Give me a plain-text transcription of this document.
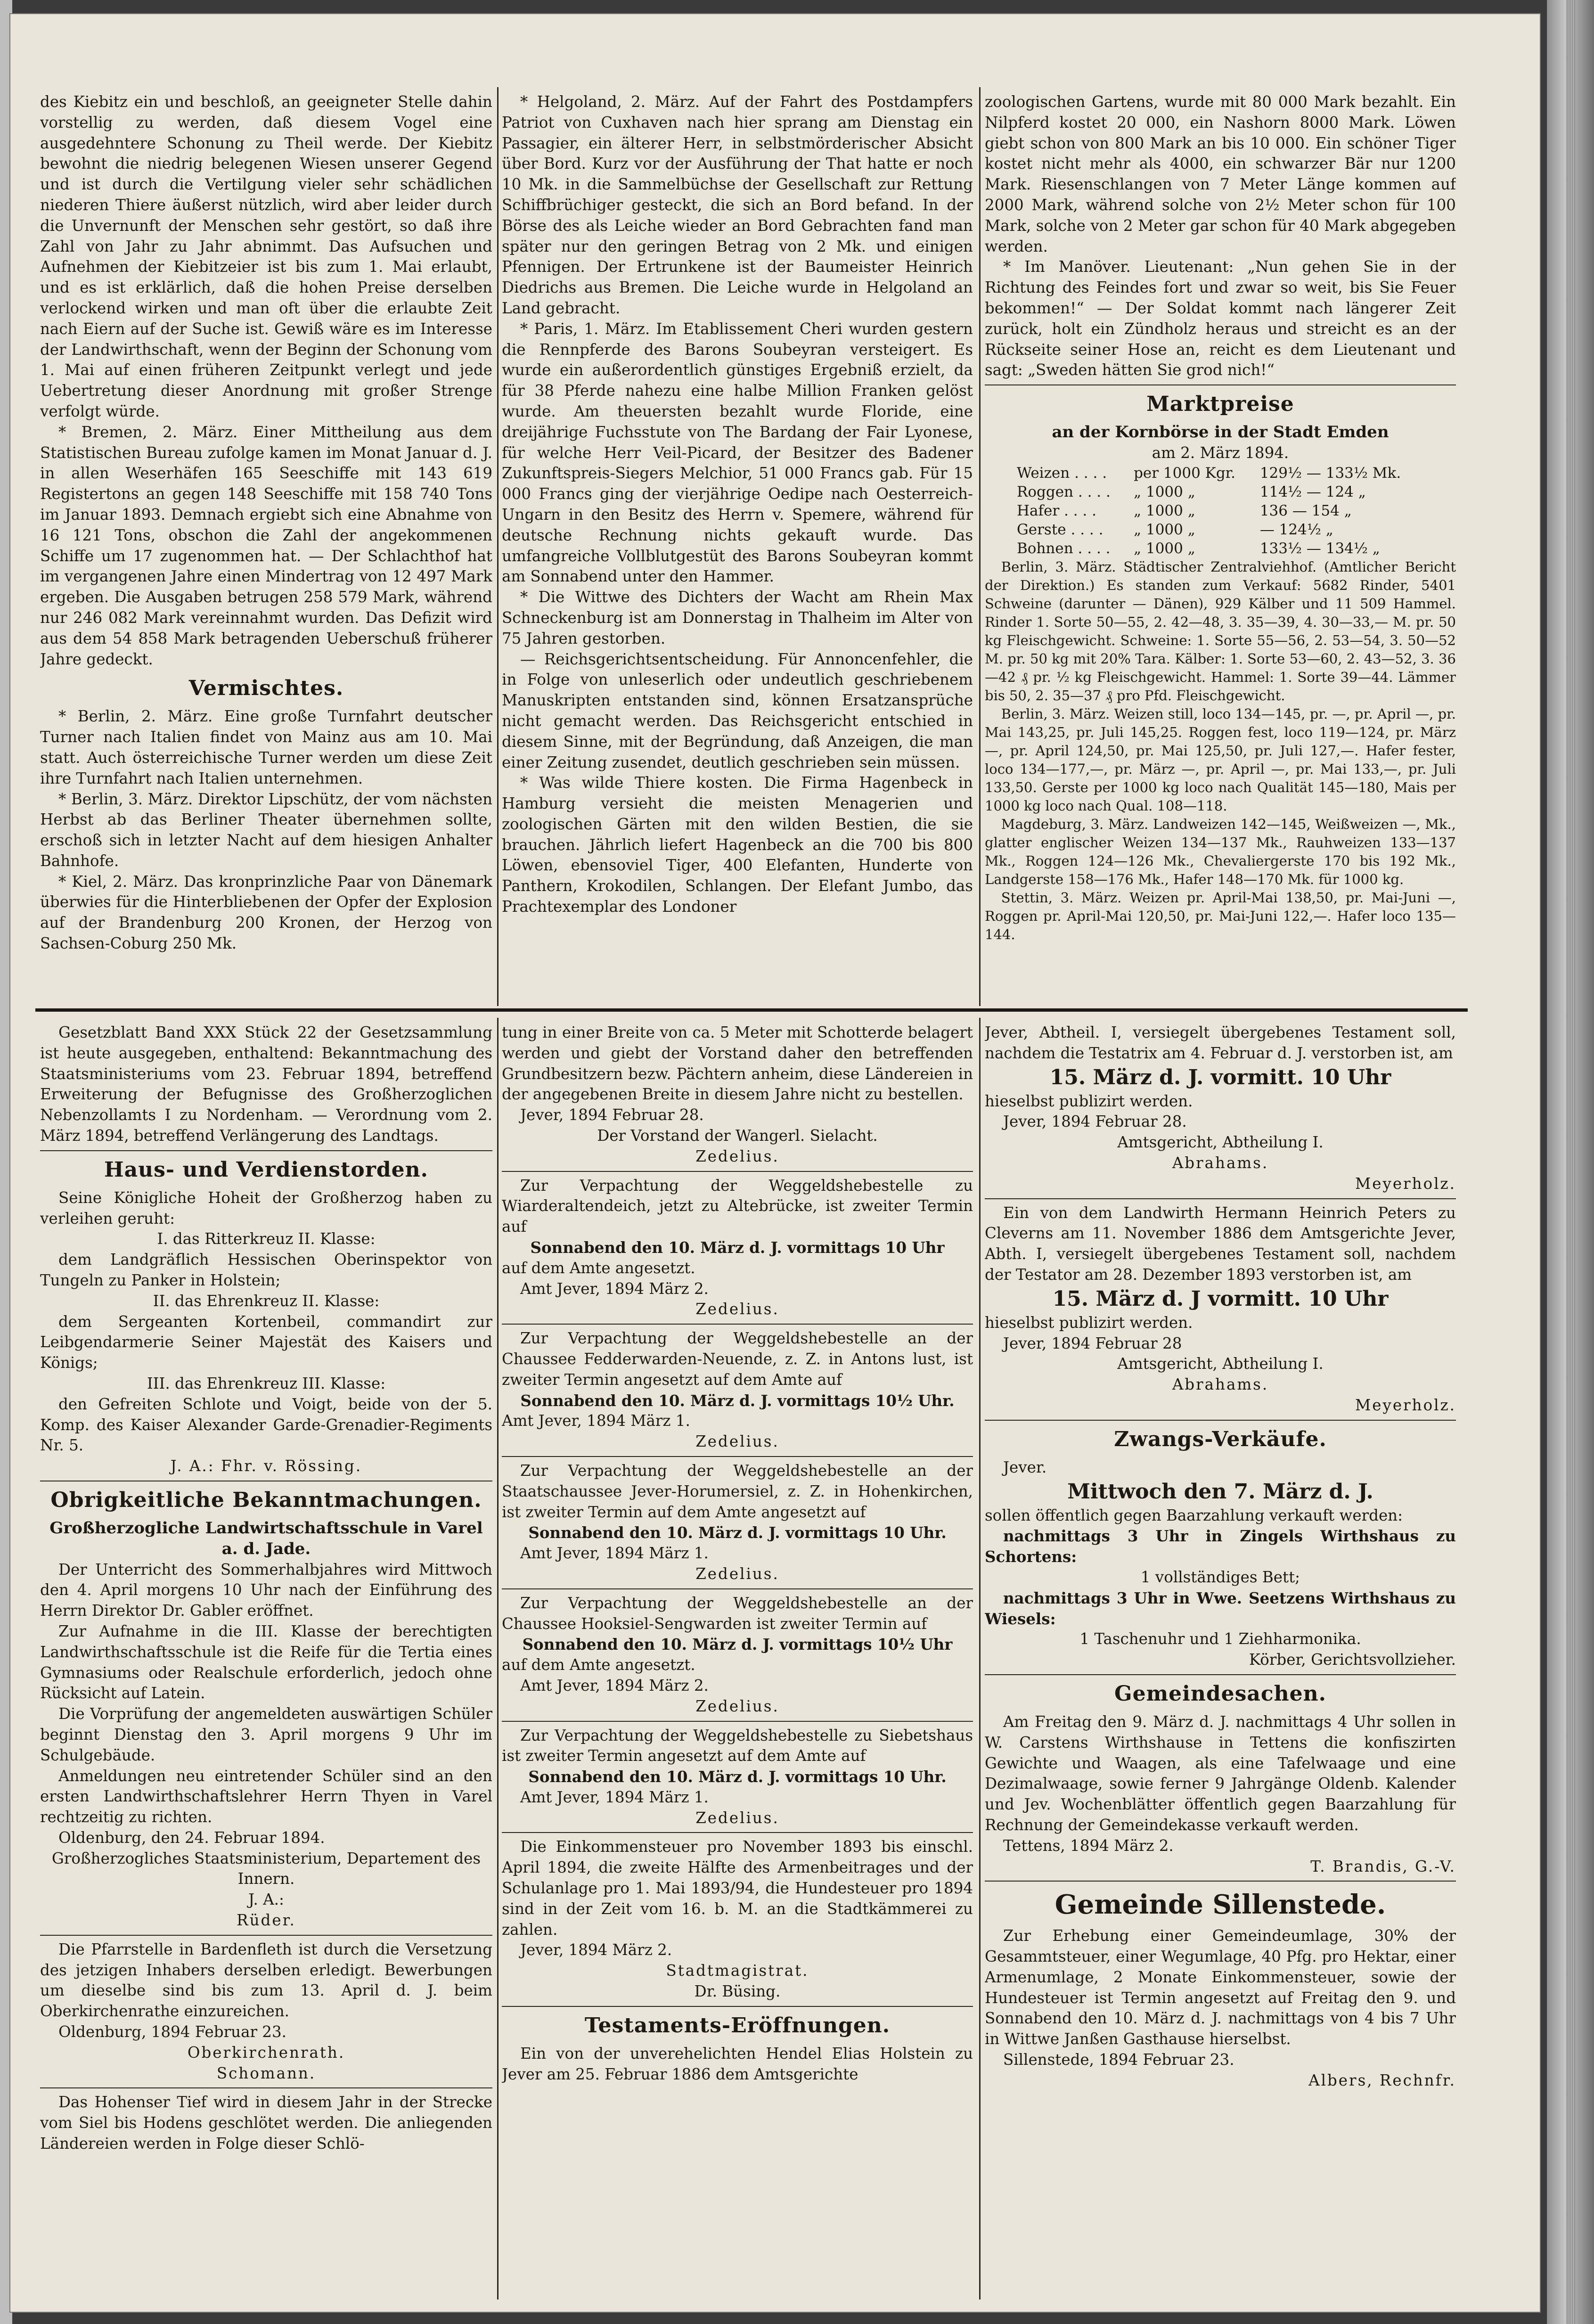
des Kiebitz ein und beschloß, an geeigneter Stelle dahin vorstellig zu werden, daß diesem Vogel eine ausgedehntere Schonung zu Theil werde. Der Kiebitz bewohnt die niedrig belegenen Wiesen unserer Gegend und ist durch die Vertilgung vieler sehr schädlichen niederen Thiere äußerst nützlich, wird aber leider durch die Unvernunft der Menschen sehr gestört, so daß ihre Zahl von Jahr zu Jahr abnimmt. Das Aufsuchen und Aufnehmen der Kiebitzeier ist bis zum 1. Mai erlaubt, und es ist erklärlich, daß die hohen Preise derselben verlockend wirken und man oft über die erlaubte Zeit nach Eiern auf der Suche ist. Gewiß wäre es im Interesse der Landwirthschaft, wenn der Beginn der Schonung vom 1. Mai auf einen früheren Zeitpunkt verlegt und jede Uebertretung dieser Anordnung mit großer Strenge verfolgt würde.

* Bremen, 2. März. Einer Mittheilung aus dem Statistischen Bureau zufolge kamen im Monat Januar d. J. in allen Weserhäfen 165 Seeschiffe mit 143 619 Registertons an gegen 148 Seeschiffe mit 158 740 Tons im Januar 1893. Demnach ergiebt sich eine Abnahme von 16 121 Tons, obschon die Zahl der angekommenen Schiffe um 17 zugenommen hat. — Der Schlachthof hat im vergangenen Jahre einen Mindertrag von 12 497 Mark ergeben. Die Ausgaben betrugen 258 579 Mark, während nur 246 082 Mark vereinnahmt wurden. Das Defizit wird aus dem 54 858 Mark betragenden Ueberschuß früherer Jahre gedeckt.

Vermischtes.

* Berlin, 2. März. Eine große Turnfahrt deutscher Turner nach Italien findet von Mainz aus am 10. Mai statt. Auch österreichische Turner werden um diese Zeit ihre Turnfahrt nach Italien unternehmen.

* Berlin, 3. März. Direktor Lipschütz, der vom nächsten Herbst ab das Berliner Theater übernehmen sollte, erschoß sich in letzter Nacht auf dem hiesigen Anhalter Bahnhofe.

* Kiel, 2. März. Das kronprinzliche Paar von Dänemark überwies für die Hinterbliebenen der Opfer der Explosion auf der Brandenburg 200 Kronen, der Herzog von Sachsen-Coburg 250 Mk.

* Helgoland, 2. März. Auf der Fahrt des Postdampfers Patriot von Cuxhaven nach hier sprang am Dienstag ein Passagier, ein älterer Herr, in selbstmörderischer Absicht über Bord. Kurz vor der Ausführung der That hatte er noch 10 Mk. in die Sammelbüchse der Gesellschaft zur Rettung Schiffbrüchiger gesteckt, die sich an Bord befand. In der Börse des als Leiche wieder an Bord Gebrachten fand man später nur den geringen Betrag von 2 Mk. und einigen Pfennigen. Der Ertrunkene ist der Baumeister Heinrich Diedrichs aus Bremen. Die Leiche wurde in Helgoland an Land gebracht.

* Paris, 1. März. Im Etablissement Cheri wurden gestern die Rennpferde des Barons Soubeyran versteigert. Es wurde ein außerordentlich günstiges Ergebniß erzielt, da für 38 Pferde nahezu eine halbe Million Franken gelöst wurde. Am theuersten bezahlt wurde Floride, eine dreijährige Fuchsstute von The Bardang der Fair Lyonese, für welche Herr Veil-Picard, der Besitzer des Badener Zukunftspreis-Siegers Melchior, 51 000 Francs gab. Für 15 000 Francs ging der vierjährige Oedipe nach Oesterreich-Ungarn in den Besitz des Herrn v. Spemere, während für deutsche Rechnung nichts gekauft wurde. Das umfangreiche Vollblutgestüt des Barons Soubeyran kommt am Sonnabend unter den Hammer.

* Die Wittwe des Dichters der Wacht am Rhein Max Schneckenburg ist am Donnerstag in Thalheim im Alter von 75 Jahren gestorben.

— Reichsgerichtsentscheidung. Für Annoncenfehler, die in Folge von unleserlich oder undeutlich geschriebenem Manuskripten entstanden sind, können Ersatzansprüche nicht gemacht werden. Das Reichsgericht entschied in diesem Sinne, mit der Begründung, daß Anzeigen, die man einer Zeitung zusendet, deutlich geschrieben sein müssen.

* Was wilde Thiere kosten. Die Firma Hagenbeck in Hamburg versieht die meisten Menagerien und zoologischen Gärten mit den wilden Bestien, die sie brauchen. Jährlich liefert Hagenbeck an die 700 bis 800 Löwen, ebensoviel Tiger, 400 Elefanten, Hunderte von Panthern, Krokodilen, Schlangen. Der Elefant Jumbo, das Prachtexemplar des Londoner

zoologischen Gartens, wurde mit 80 000 Mark bezahlt. Ein Nilpferd kostet 20 000, ein Nashorn 8000 Mark. Löwen giebt schon von 800 Mark an bis 10 000. Ein schöner Tiger kostet nicht mehr als 4000, ein schwarzer Bär nur 1200 Mark. Riesenschlangen von 7 Meter Länge kommen auf 2000 Mark, während solche von 2½ Meter schon für 100 Mark, solche von 2 Meter gar schon für 40 Mark abgegeben werden.

* Im Manöver. Lieutenant: „Nun gehen Sie in der Richtung des Feindes fort und zwar so weit, bis Sie Feuer bekommen!“ — Der Soldat kommt nach längerer Zeit zurück, holt ein Zündholz heraus und streicht es an der Rückseite seiner Hose an, reicht es dem Lieutenant und sagt: „Sweden hätten Sie grod nich!“

Marktpreise
an der Kornbörse in der Stadt Emden
am 2. März 1894.
Weizen . . . .	per 1000 Kgr.	129½ — 133½ Mk.
Roggen . . . .	„ 1000 „	114½ — 124 „
Hafer . . . .	„ 1000 „	136 — 154 „
Gerste . . . .	„ 1000 „	— 124½ „
Bohnen . . . .	„ 1000 „	133½ — 134½ „

Berlin, 3. März. Städtischer Zentralviehhof. (Amtlicher Bericht der Direktion.) Es standen zum Verkauf: 5682 Rinder, 5401 Schweine (darunter — Dänen), 929 Kälber und 11 509 Hammel. Rinder 1. Sorte 50—55, 2. 42—48, 3. 35—39, 4. 30—33,— M. pr. 50 kg Fleischgewicht. Schweine: 1. Sorte 55—56, 2. 53—54, 3. 50—52 M. pr. 50 kg mit 20% Tara. Kälber: 1. Sorte 53—60, 2. 43—52, 3. 36—42 ₰ pr. ½ kg Fleischgewicht. Hammel: 1. Sorte 39—44. Lämmer bis 50, 2. 35—37 ₰ pro Pfd. Fleischgewicht.

Berlin, 3. März. Weizen still, loco 134—145, pr. —, pr. April —, pr. Mai 143,25, pr. Juli 145,25. Roggen fest, loco 119—124, pr. März —, pr. April 124,50, pr. Mai 125,50, pr. Juli 127,—. Hafer fester, loco 134—177,—, pr. März —, pr. April —, pr. Mai 133,—, pr. Juli 133,50. Gerste per 1000 kg loco nach Qualität 145—180, Mais per 1000 kg loco nach Qual. 108—118.

Magdeburg, 3. März. Landweizen 142—145, Weißweizen —, Mk., glatter englischer Weizen 134—137 Mk., Rauhweizen 133—137 Mk., Roggen 124—126 Mk., Chevaliergerste 170 bis 192 Mk., Landgerste 158—176 Mk., Hafer 148—170 Mk. für 1000 kg.

Stettin, 3. März. Weizen pr. April-Mai 138,50, pr. Mai-Juni —, Roggen pr. April-Mai 120,50, pr. Mai-Juni 122,—. Hafer loco 135—144.

Gesetzblatt Band XXX Stück 22 der Gesetzsammlung ist heute ausgegeben, enthaltend: Bekanntmachung des Staatsministeriums vom 23. Februar 1894, betreffend Erweiterung der Befugnisse des Großherzoglichen Nebenzollamts I zu Nordenham. — Verordnung vom 2. März 1894, betreffend Verlängerung des Landtags.

Haus- und Verdienstorden.

Seine Königliche Hoheit der Großherzog haben zu verleihen geruht:

I. das Ritterkreuz II. Klasse:

dem Landgräflich Hessischen Oberinspektor von Tungeln zu Panker in Holstein;

II. das Ehrenkreuz II. Klasse:

dem Sergeanten Kortenbeil, commandirt zur Leibgendarmerie Seiner Majestät des Kaisers und Königs;

III. das Ehrenkreuz III. Klasse:

den Gefreiten Schlote und Voigt, beide von der 5. Komp. des Kaiser Alexander Garde-Grenadier-Regiments Nr. 5.

J. A.: Fhr. v. Rössing.

Obrigkeitliche Bekanntmachungen.
Großherzogliche Landwirtschaftsschule in Varel a. d. Jade.

Der Unterricht des Sommerhalbjahres wird Mittwoch den 4. April morgens 10 Uhr nach der Einführung des Herrn Direktor Dr. Gabler eröffnet.

Zur Aufnahme in die III. Klasse der berechtigten Landwirthschaftsschule ist die Reife für die Tertia eines Gymnasiums oder Realschule erforderlich, jedoch ohne Rücksicht auf Latein.

Die Vorprüfung der angemeldeten auswärtigen Schüler beginnt Dienstag den 3. April morgens 9 Uhr im Schulgebäude.

Anmeldungen neu eintretender Schüler sind an den ersten Landwirthschaftslehrer Herrn Thyen in Varel rechtzeitig zu richten.

Oldenburg, den 24. Februar 1894.

Großherzogliches Staatsministerium, Departement des Innern.

J. A.:

Rüder.

Die Pfarrstelle in Bardenfleth ist durch die Versetzung des jetzigen Inhabers derselben erledigt. Bewerbungen um dieselbe sind bis zum 13. April d. J. beim Oberkirchenrathe einzureichen.

Oldenburg, 1894 Februar 23.

Oberkirchenrath.

Schomann.

Das Hohenser Tief wird in diesem Jahr in der Strecke vom Siel bis Hodens geschlötet werden. Die anliegenden Ländereien werden in Folge dieser Schlö-

tung in einer Breite von ca. 5 Meter mit Schotterde belagert werden und giebt der Vorstand daher den betreffenden Grundbesitzern bezw. Pächtern anheim, diese Ländereien in der angegebenen Breite in diesem Jahre nicht zu bestellen.

Jever, 1894 Februar 28.

Der Vorstand der Wangerl. Sielacht.

Zedelius.

Zur Verpachtung der Weggeldshebestelle zu Wiarderaltendeich, jetzt zu Altebrücke, ist zweiter Termin auf

Sonnabend den 10. März d. J. vormittags 10 Uhr

auf dem Amte angesetzt.

Amt Jever, 1894 März 2.

Zedelius.

Zur Verpachtung der Weggeldshebestelle an der Chaussee Fedderwarden-Neuende, z. Z. in Antons lust, ist zweiter Termin angesetzt auf dem Amte auf

Sonnabend den 10. März d. J. vormittags 10½ Uhr.

Amt Jever, 1894 März 1.

Zedelius.

Zur Verpachtung der Weggeldshebestelle an der Staatschaussee Jever-Horumersiel, z. Z. in Hohenkirchen, ist zweiter Termin auf dem Amte angesetzt auf

Sonnabend den 10. März d. J. vormittags 10 Uhr.

Amt Jever, 1894 März 1.

Zedelius.

Zur Verpachtung der Weggeldshebestelle an der Chaussee Hooksiel-Sengwarden ist zweiter Termin auf

Sonnabend den 10. März d. J. vormittags 10½ Uhr

auf dem Amte angesetzt.

Amt Jever, 1894 März 2.

Zedelius.

Zur Verpachtung der Weggeldshebestelle zu Siebetshaus ist zweiter Termin angesetzt auf dem Amte auf

Sonnabend den 10. März d. J. vormittags 10 Uhr.

Amt Jever, 1894 März 1.

Zedelius.

Die Einkommensteuer pro November 1893 bis einschl. April 1894, die zweite Hälfte des Armenbeitrages und der Schulanlage pro 1. Mai 1893/94, die Hundesteuer pro 1894 sind in der Zeit vom 16. b. M. an die Stadtkämmerei zu zahlen.

Jever, 1894 März 2.

Stadtmagistrat.

Dr. Büsing.

Testaments-Eröffnungen.

Ein von der unverehelichten Hendel Elias Holstein zu Jever am 25. Februar 1886 dem Amtsgerichte

Jever, Abtheil. I, versiegelt übergebenes Testament soll, nachdem die Testatrix am 4. Februar d. J. verstorben ist, am

15. März d. J. vormitt. 10 Uhr

hieselbst publizirt werden.

Jever, 1894 Februar 28.

Amtsgericht, Abtheilung I.

Abrahams.

Meyerholz.

Ein von dem Landwirth Hermann Heinrich Peters zu Cleverns am 11. November 1886 dem Amtsgerichte Jever, Abth. I, versiegelt übergebenes Testament soll, nachdem der Testator am 28. Dezember 1893 verstorben ist, am

15. März d. J vormitt. 10 Uhr

hieselbst publizirt werden.

Jever, 1894 Februar 28

Amtsgericht, Abtheilung I.

Abrahams.

Meyerholz.

Zwangs-Verkäufe.

Jever.

Mittwoch den 7. März d. J.

sollen öffentlich gegen Baarzahlung verkauft werden:

nachmittags 3 Uhr in Zingels Wirthshaus zu Schortens:

1 vollständiges Bett;

nachmittags 3 Uhr in Wwe. Seetzens Wirthshaus zu Wiesels:

1 Taschenuhr und 1 Ziehharmonika.

Körber, Gerichtsvollzieher.

Gemeindesachen.

Am Freitag den 9. März d. J. nachmittags 4 Uhr sollen in W. Carstens Wirthshause in Tettens die konfiszirten Gewichte und Waagen, als eine Tafelwaage und eine Dezimalwaage, sowie ferner 9 Jahrgänge Oldenb. Kalender und Jev. Wochenblätter öffentlich gegen Baarzahlung für Rechnung der Gemeindekasse verkauft werden.

Tettens, 1894 März 2.

T. Brandis, G.-V.

Gemeinde Sillenstede.

Zur Erhebung einer Gemeindeumlage, 30% der Gesammtsteuer, einer Wegumlage, 40 Pfg. pro Hektar, einer Armenumlage, 2 Monate Einkommensteuer, sowie der Hundesteuer ist Termin angesetzt auf Freitag den 9. und Sonnabend den 10. März d. J. nachmittags von 4 bis 7 Uhr in Wittwe Janßen Gasthause hierselbst.

Sillenstede, 1894 Februar 23.

Albers, Rechnfr.
